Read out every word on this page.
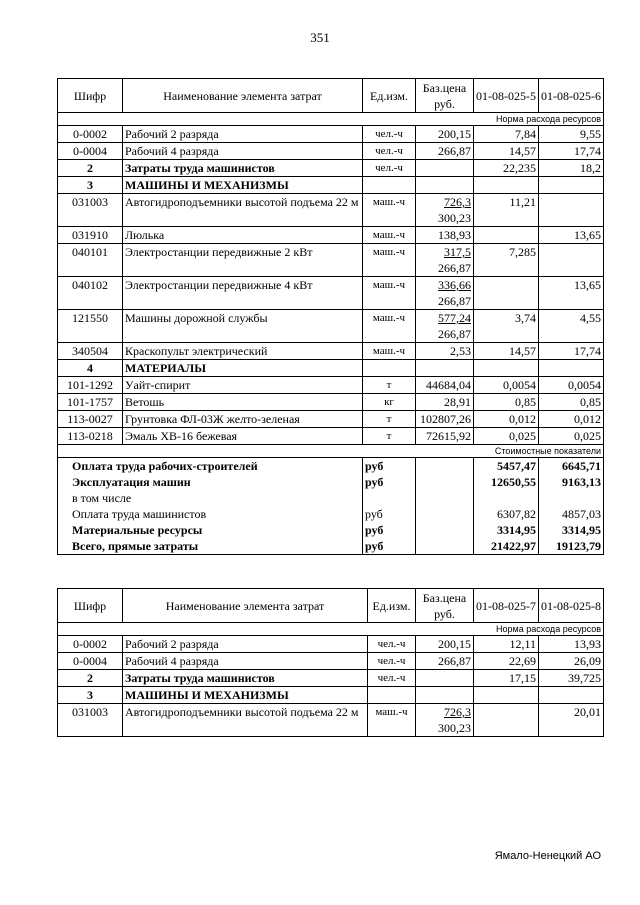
351
Шифр	Наименование элемента затрат	Ед.изм.	Баз.цена руб.	01-08-025-5	01-08-025-6
				Норма расхода ресурсов	
0-0002	Рабочий 2 разряда	чел.-ч	200,15	7,84	9,55
0-0004	Рабочий 4 разряда	чел.-ч	266,87	14,57	17,74
2	Затраты труда машинистов	чел.-ч		22,235	18,2
3	МАШИНЫ И МЕХАНИЗМЫ				
031003	Автогидроподъемники высотой подъема 22 м	маш.-ч	726,3
300,23	11,21	
031910	Люлька	маш.-ч	138,93		13,65
040101	Электростанции передвижные 2 кВт	маш.-ч	317,5
266,87	7,285	
040102	Электростанции передвижные 4 кВт	маш.-ч	336,66
266,87		13,65
121550	Машины дорожной службы	маш.-ч	577,24
266,87	3,74	4,55
340504	Краскопульт электрический	маш.-ч	2,53	14,57	17,74
4	МАТЕРИАЛЫ				
101-1292	Уайт-спирит	т	44684,04	0,0054	0,0054
101-1757	Ветошь	кг	28,91	0,85	0,85
113-0027	Грунтовка ФЛ-03Ж желто-зеленая	т	102807,26	0,012	0,012
113-0218	Эмаль ХВ-16 бежевая	т	72615,92	0,025	0,025
				Стоимостные показатели	
Оплата труда рабочих-строителей		руб		5457,47	6645,71
Эксплуатация машин		руб		12650,55	9163,13
в том числе					
Оплата труда машинистов		руб		6307,82	4857,03
Материальные ресурсы		руб		3314,95	3314,95
Всего, прямые затраты		руб		21422,97	19123,79
Шифр	Наименование элемента затрат	Ед.изм.	Баз.цена руб.	01-08-025-7	01-08-025-8
				Норма расхода ресурсов	
0-0002	Рабочий 2 разряда	чел.-ч	200,15	12,11	13,93
0-0004	Рабочий 4 разряда	чел.-ч	266,87	22,69	26,09
2	Затраты труда машинистов	чел.-ч		17,15	39,725
3	МАШИНЫ И МЕХАНИЗМЫ				
031003	Автогидроподъемники высотой подъема 22 м	маш.-ч	726,3
300,23		20,01
Ямало-Ненецкий АО
